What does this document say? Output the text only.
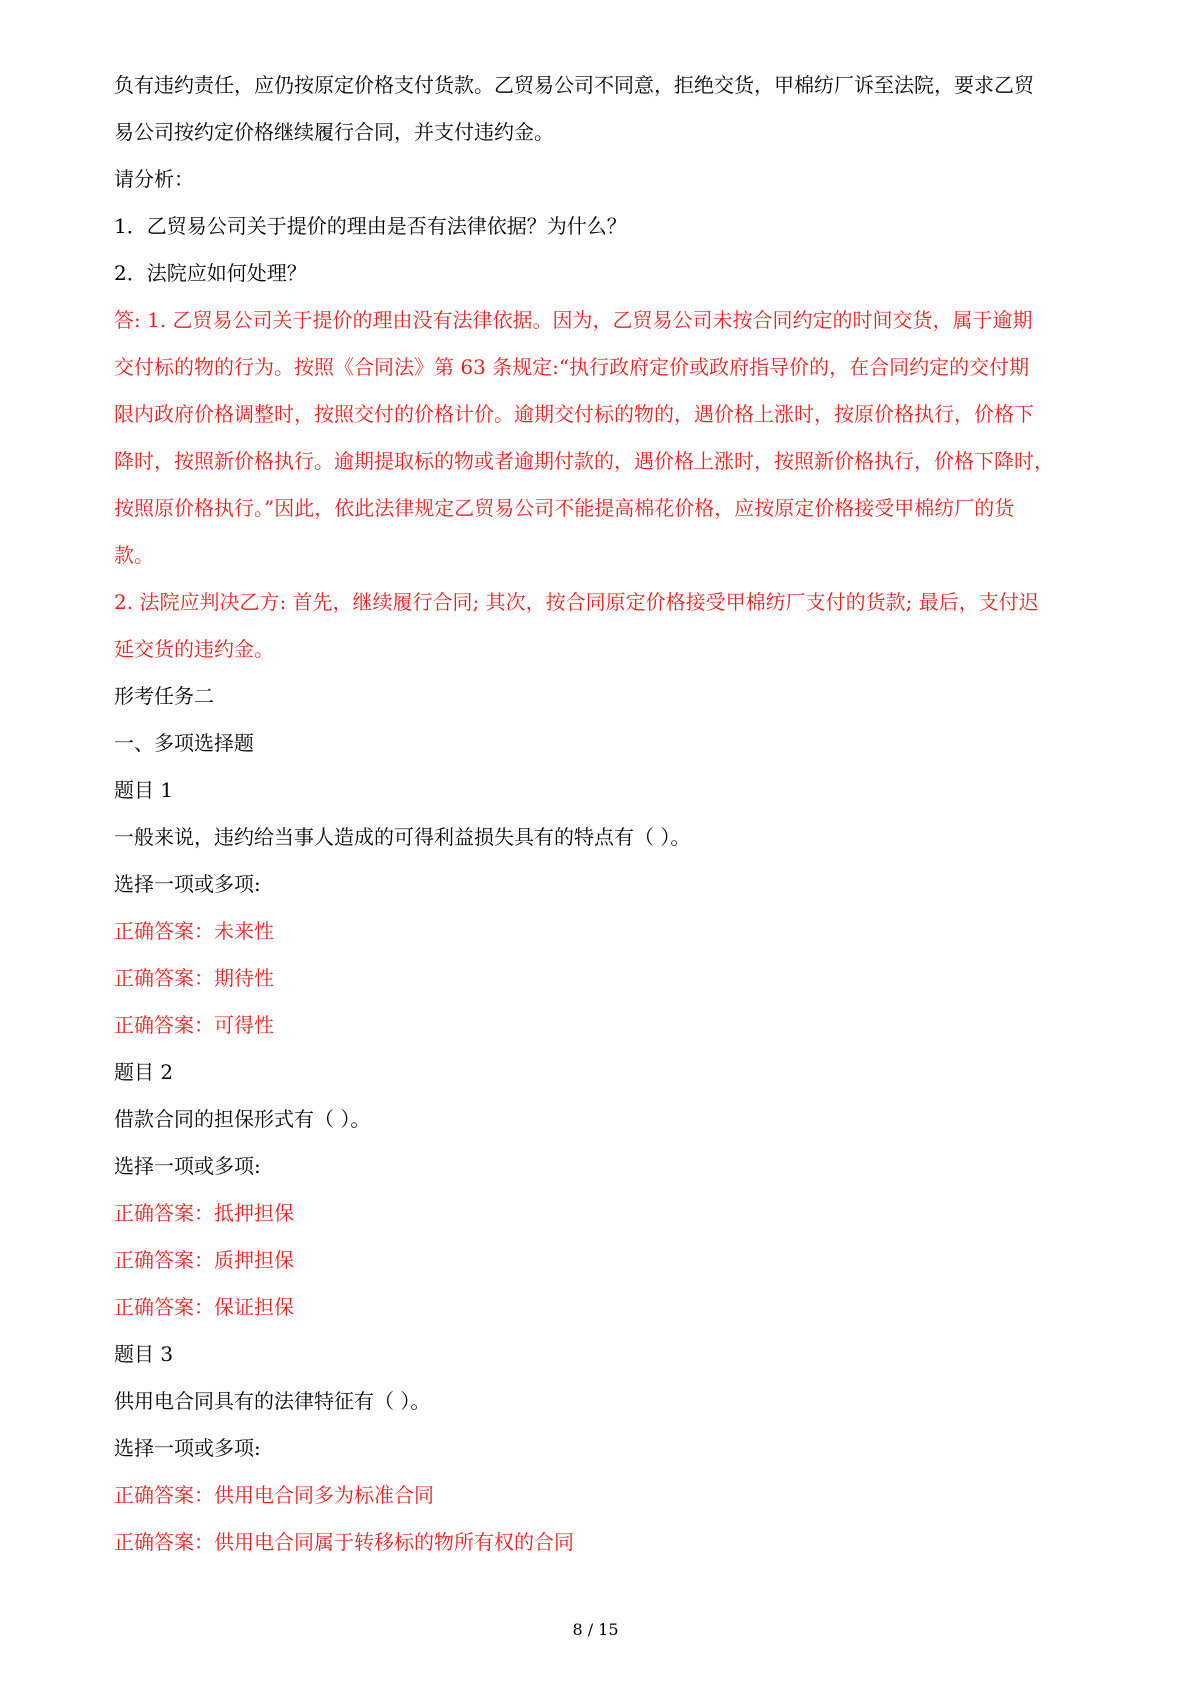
负有违约责任，应仍按原定价格支付货款。乙贸易公司不同意，拒绝交货，甲棉纺厂诉至法院，要求乙贸

易公司按约定价格继续履行合同，并支付违约金。

请分析：

1．乙贸易公司关于提价的理由是否有法律依据？为什么？

2．法院应如何处理？

答: 1. 乙贸易公司关于提价的理由没有法律依据。因为，乙贸易公司未按合同约定的时间交货，属于逾期

交付标的物的行为。按照《合同法》第 63 条规定:“执行政府定价或政府指导价的，在合同约定的交付期

限内政府价格调整时，按照交付的价格计价。逾期交付标的物的，遇价格上涨时，按原价格执行，价格下

降时，按照新价格执行。逾期提取标的物或者逾期付款的，遇价格上涨时，按照新价格执行，价格下降时，

按照原价格执行。”因此，依此法律规定乙贸易公司不能提高棉花价格，应按原定价格接受甲棉纺厂的货

款。

2. 法院应判决乙方: 首先，继续履行合同; 其次，按合同原定价格接受甲棉纺厂支付的货款; 最后，支付迟

延交货的违约金。

形考任务二

一、多项选择题

题目 1

一般来说，违约给当事人造成的可得利益损失具有的特点有（ ）。

选择一项或多项:

正确答案：未来性

正确答案：期待性

正确答案：可得性

题目 2

借款合同的担保形式有（ ）。

选择一项或多项:

正确答案：抵押担保

正确答案：质押担保

正确答案：保证担保

题目 3

供用电合同具有的法律特征有（ ）。

选择一项或多项:

正确答案：供用电合同多为标准合同

正确答案：供用电合同属于转移标的物所有权的合同

8 / 15
